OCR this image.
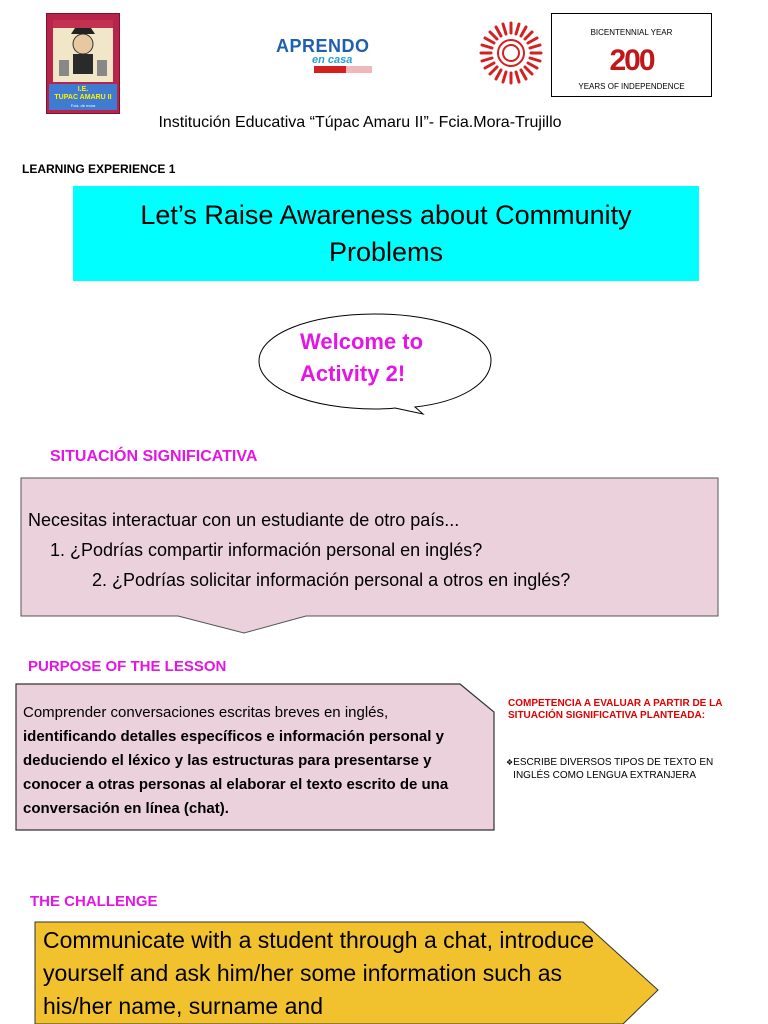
I.E.
TUPAC AMARU II
Fcia. de mora
APRENDO
en casa
BICENTENNIAL YEAR
200
YEARS OF INDEPENDENCE
Institución Educativa “Túpac Amaru II”- Fcia.Mora-Trujillo
LEARNING EXPERIENCE 1
Let’s Raise Awareness about Community Problems
Welcome to
Activity 2!
SITUACIÓN SIGNIFICATIVA
Necesitas interactuar con un estudiante de otro país...
1. ¿Podrías compartir información personal en inglés?
2. ¿Podrías solicitar información personal a otros en inglés?
PURPOSE OF THE LESSON
Comprender conversaciones escritas breves en inglés, identificando detalles específicos e información personal y deduciendo el léxico y las estructuras para presentarse y conocer a otras personas al elaborar el texto escrito de una conversación en línea (chat).
COMPETENCIA A EVALUAR A PARTIR DE LA SITUACIÓN SIGNIFICATIVA PLANTEADA:
❖ESCRIBE DIVERSOS TIPOS DE TEXTO EN INGLÉS COMO LENGUA EXTRANJERA
THE CHALLENGE
Communicate with a student through a chat, introduce yourself and ask him/her some information such as his/her name, surname and
